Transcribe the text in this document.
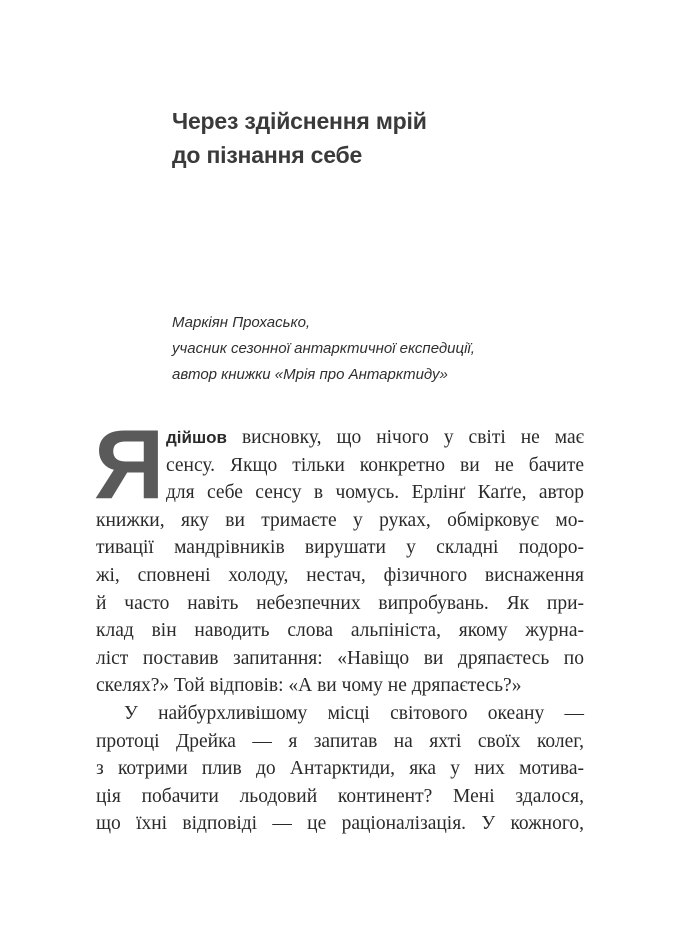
Через здійснення мрій
до пізнання себе
Маркіян Прохасько,
учасник сезонної антарктичної експедиції,
автор книжки «Мрія про Антарктиду»
Я дійшов висновку, що нічого у світі не має
сенсу. Якщо тільки конкретно ви не бачите
для себе сенсу в чомусь. Ерлінґ Каґґе, автор
книжки, яку ви тримаєте у руках, обмірковує мо-
тивації мандрівників вирушати у складні подоро-
жі, сповнені холоду, нестач, фізичного виснаження
й часто навіть небезпечних випробувань. Як при-
клад він наводить слова альпініста, якому журна-
ліст поставив запитання: «Навіщо ви дряпаєтесь по
скелях?» Той відповів: «А ви чому не дряпаєтесь?»
У найбурхливішому місці світового океану —
протоці Дрейка — я запитав на яхті своїх колег,
з котрими плив до Антарктиди, яка у них мотива-
ція побачити льодовий континент? Мені здалося,
що їхні відповіді — це раціоналізація. У кожного,
